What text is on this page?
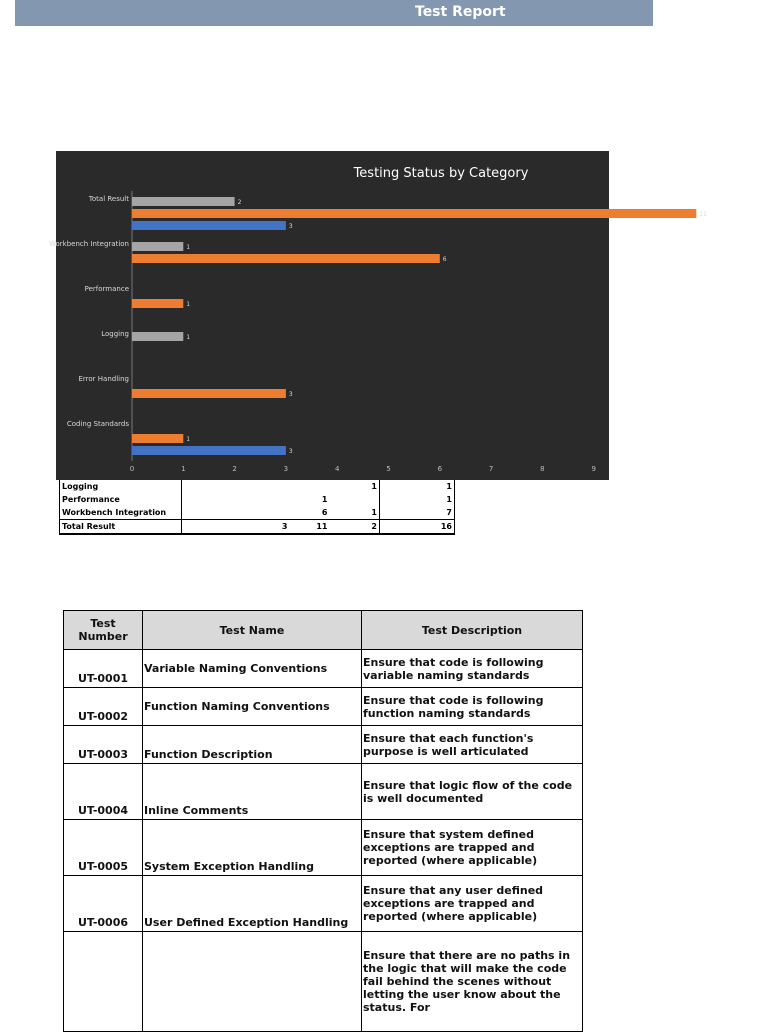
Test Report
Testing Status by Category
0	1	2	3	4	5	6	7	8	9
Total Result	2
11
3
Workbench Integration	1
6
Performance
1
Logging	1
Error Handling
3
Coding Standards
1
3
Logging			1	1
Performance		1		1
Workbench Integration		6	1	7
Total Result	3	11	2	16
Test Number	Test Name	Test Description
UT-0001	Variable Naming Conventions	Ensure that code is following variable naming standards
UT-0002	Function Naming Conventions	Ensure that code is following function naming standards
UT-0003	Function Description	Ensure that each function's purpose is well articulated
UT-0004	Inline Comments	Ensure that logic flow of the code is well documented
UT-0005	System Exception Handling	Ensure that system defined exceptions are trapped and reported (where applicable)
UT-0006	User Defined Exception Handling	Ensure that any user defined exceptions are trapped and reported (where applicable)
		Ensure that there are no paths in the logic that will make the code fail behind the scenes without letting the user know about the status. For
